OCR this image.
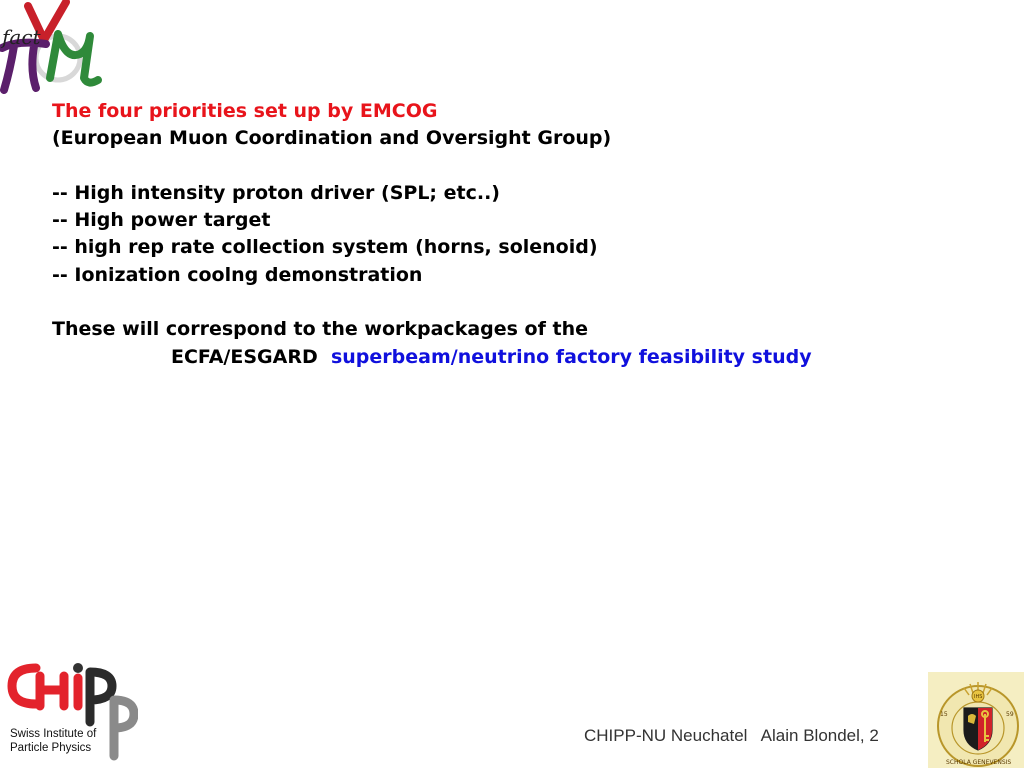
fact
The four priorities set up by EMCOG
(European Muon Coordination and Oversight Group)
-- High intensity proton driver (SPL; etc..)
-- High power target
-- high rep rate collection system (horns, solenoid)
-- Ionization coolng demonstration
These will correspond to the workpackages of the
ECFA/ESGARD superbeam/neutrino factory feasibility study
Swiss Institute of
Particle Physics
CHIPP-NU Neuchatel   Alain Blondel, 2
IHS
15	59
SCHOLA GENEVENSIS
